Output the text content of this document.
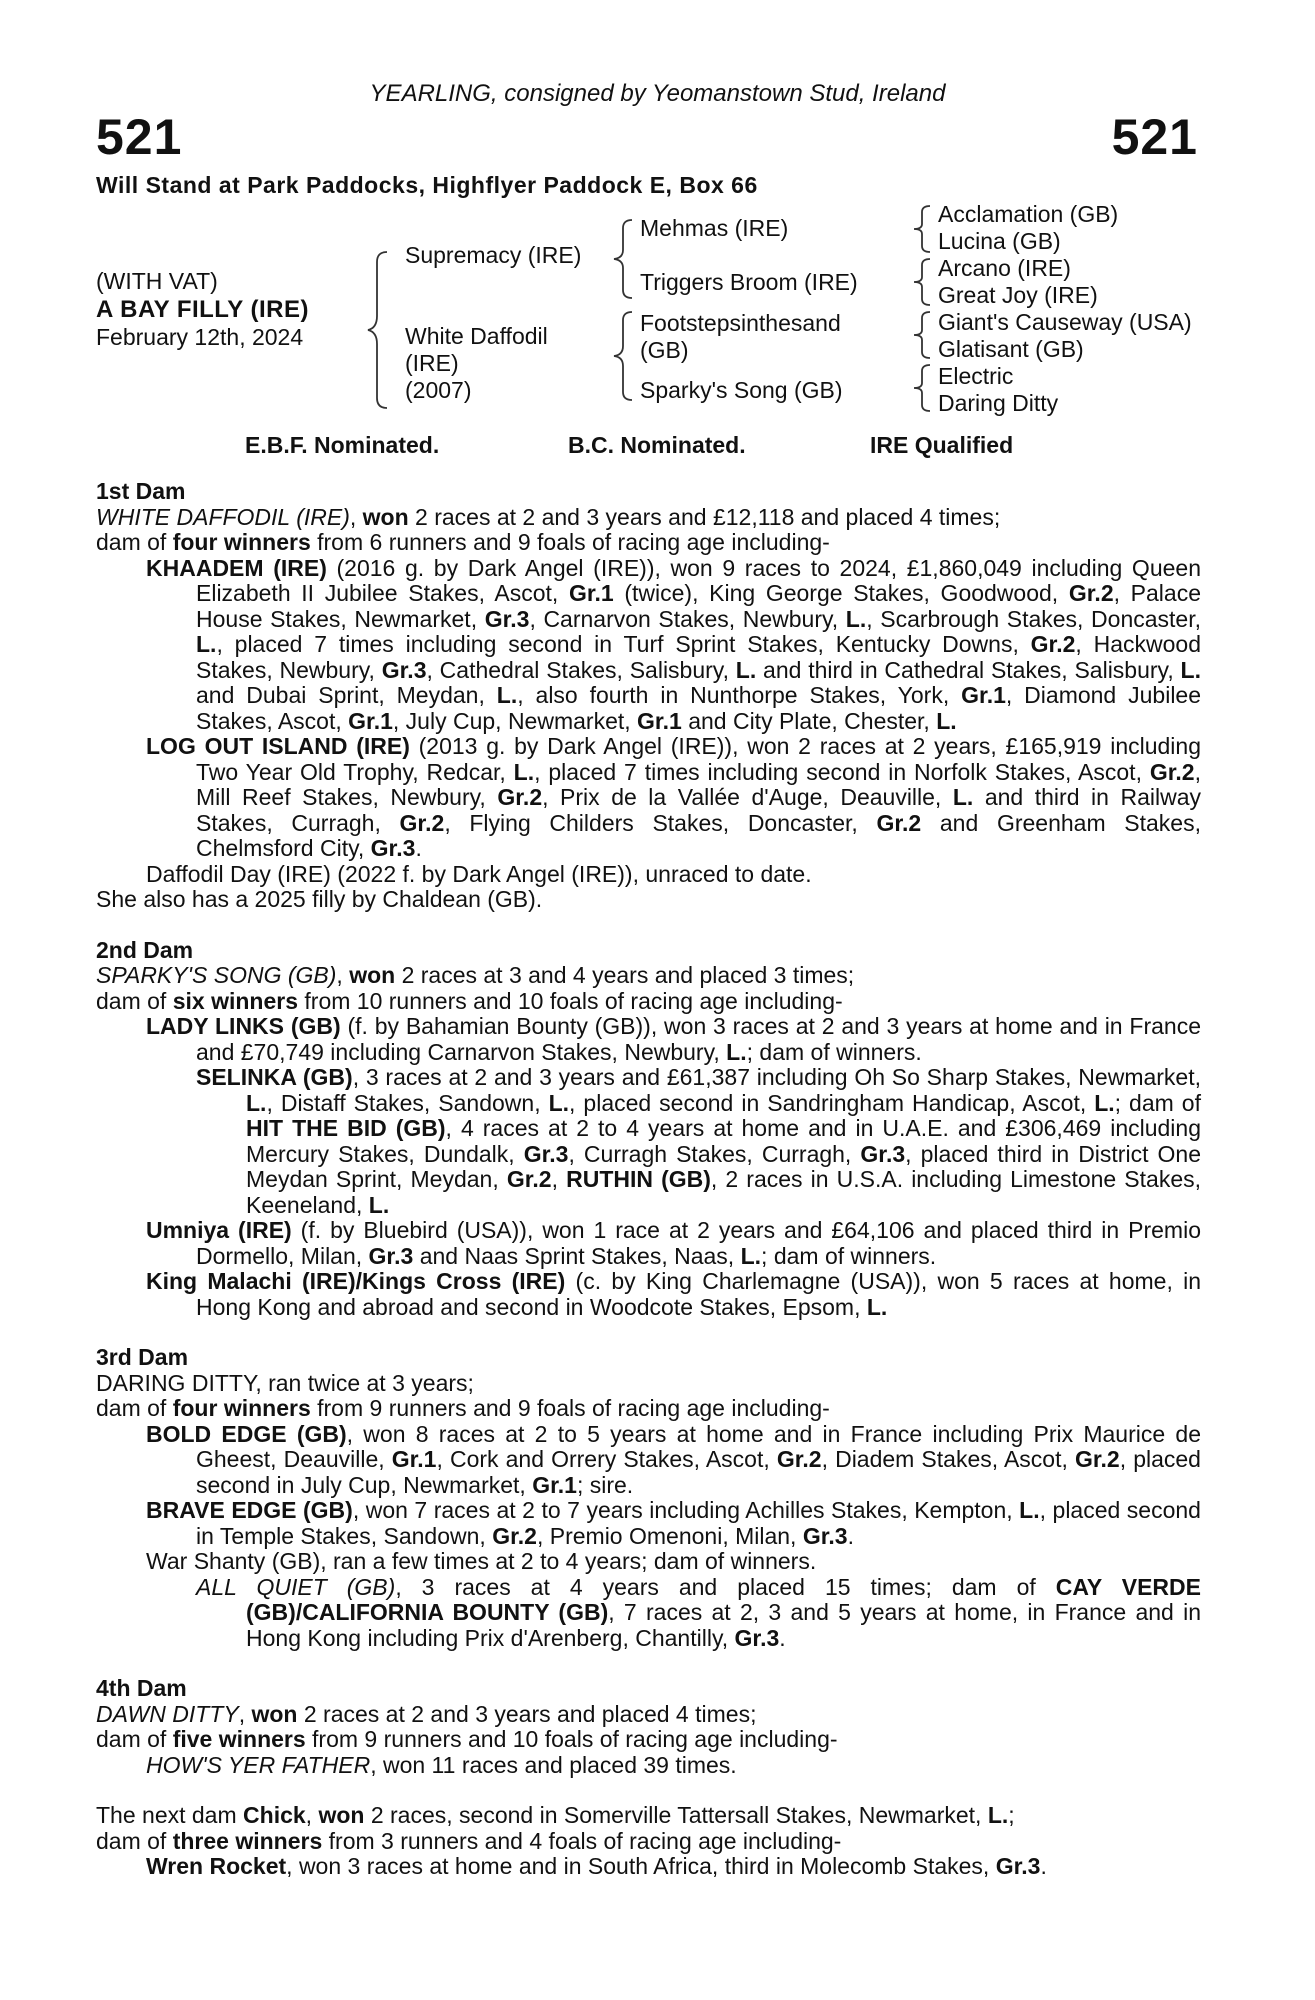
YEARLING, consigned by Yeomanstown Stud, Ireland
521	521
Will Stand at Park Paddocks, Highflyer Paddock E, Box 66
(WITH VAT)
A BAY FILLY (IRE)
February 12th, 2024
Supremacy (IRE)
White Daffodil
(IRE)
(2007)
Mehmas (IRE)
Triggers Broom (IRE)
Footstepsinthesand
(GB)
Sparky's Song (GB)
Acclamation (GB)
Lucina (GB)
Arcano (IRE)
Great Joy (IRE)
Giant's Causeway (USA)
Glatisant (GB)
Electric
Daring Ditty
E.B.F. Nominated.	B.C. Nominated.	IRE Qualified

1st Dam

WHITE DAFFODIL (IRE), won 2 races at 2 and 3 years and £12,118 and placed 4 times;

dam of four winners from 6 runners and 9 foals of racing age including-

KHAADEM (IRE) (2016 g. by Dark Angel (IRE)), won 9 races to 2024, £1,860,049 including Queen Elizabeth II Jubilee Stakes, Ascot, Gr.1 (twice), King George Stakes, Goodwood, Gr.2, Palace House Stakes, Newmarket, Gr.3, Carnarvon Stakes, Newbury, L., Scarbrough Stakes, Doncaster, L., placed 7 times including second in Turf Sprint Stakes, Kentucky Downs, Gr.2, Hackwood Stakes, Newbury, Gr.3, Cathedral Stakes, Salisbury, L. and third in Cathedral Stakes, Salisbury, L. and Dubai Sprint, Meydan, L., also fourth in Nunthorpe Stakes, York, Gr.1, Diamond Jubilee Stakes, Ascot, Gr.1, July Cup, Newmarket, Gr.1 and City Plate, Chester, L.

LOG OUT ISLAND (IRE) (2013 g. by Dark Angel (IRE)), won 2 races at 2 years, £165,919 including Two Year Old Trophy, Redcar, L., placed 7 times including second in Norfolk Stakes, Ascot, Gr.2, Mill Reef Stakes, Newbury, Gr.2, Prix de la Vallée d'Auge, Deauville, L. and third in Railway Stakes, Curragh, Gr.2, Flying Childers Stakes, Doncaster, Gr.2 and Greenham Stakes, Chelmsford City, Gr.3.

Daffodil Day (IRE) (2022 f. by Dark Angel (IRE)), unraced to date.

She also has a 2025 filly by Chaldean (GB).

2nd Dam

SPARKY'S SONG (GB), won 2 races at 3 and 4 years and placed 3 times;

dam of six winners from 10 runners and 10 foals of racing age including-

LADY LINKS (GB) (f. by Bahamian Bounty (GB)), won 3 races at 2 and 3 years at home and in France and £70,749 including Carnarvon Stakes, Newbury, L.; dam of winners.

SELINKA (GB), 3 races at 2 and 3 years and £61,387 including Oh So Sharp Stakes, Newmarket, L., Distaff Stakes, Sandown, L., placed second in Sandringham Handicap, Ascot, L.; dam of HIT THE BID (GB), 4 races at 2 to 4 years at home and in U.A.E. and £306,469 including Mercury Stakes, Dundalk, Gr.3, Curragh Stakes, Curragh, Gr.3, placed third in District One Meydan Sprint, Meydan, Gr.2, RUTHIN (GB), 2 races in U.S.A. including Limestone Stakes, Keeneland, L.

Umniya (IRE) (f. by Bluebird (USA)), won 1 race at 2 years and £64,106 and placed third in Premio Dormello, Milan, Gr.3 and Naas Sprint Stakes, Naas, L.; dam of winners.

King Malachi (IRE)/Kings Cross (IRE) (c. by King Charlemagne (USA)), won 5 races at home, in Hong Kong and abroad and second in Woodcote Stakes, Epsom, L.

3rd Dam

DARING DITTY, ran twice at 3 years;

dam of four winners from 9 runners and 9 foals of racing age including-

BOLD EDGE (GB), won 8 races at 2 to 5 years at home and in France including Prix Maurice de Gheest, Deauville, Gr.1, Cork and Orrery Stakes, Ascot, Gr.2, Diadem Stakes, Ascot, Gr.2, placed second in July Cup, Newmarket, Gr.1; sire.

BRAVE EDGE (GB), won 7 races at 2 to 7 years including Achilles Stakes, Kempton, L., placed second in Temple Stakes, Sandown, Gr.2, Premio Omenoni, Milan, Gr.3.

War Shanty (GB), ran a few times at 2 to 4 years; dam of winners.

ALL QUIET (GB), 3 races at 4 years and placed 15 times; dam of CAY VERDE (GB)/CALIFORNIA BOUNTY (GB), 7 races at 2, 3 and 5 years at home, in France and in Hong Kong including Prix d'Arenberg, Chantilly, Gr.3.

4th Dam

DAWN DITTY, won 2 races at 2 and 3 years and placed 4 times;

dam of five winners from 9 runners and 10 foals of racing age including-

HOW'S YER FATHER, won 11 races and placed 39 times.

The next dam Chick, won 2 races, second in Somerville Tattersall Stakes, Newmarket, L.;

dam of three winners from 3 runners and 4 foals of racing age including-

Wren Rocket, won 3 races at home and in South Africa, third in Molecomb Stakes, Gr.3.
